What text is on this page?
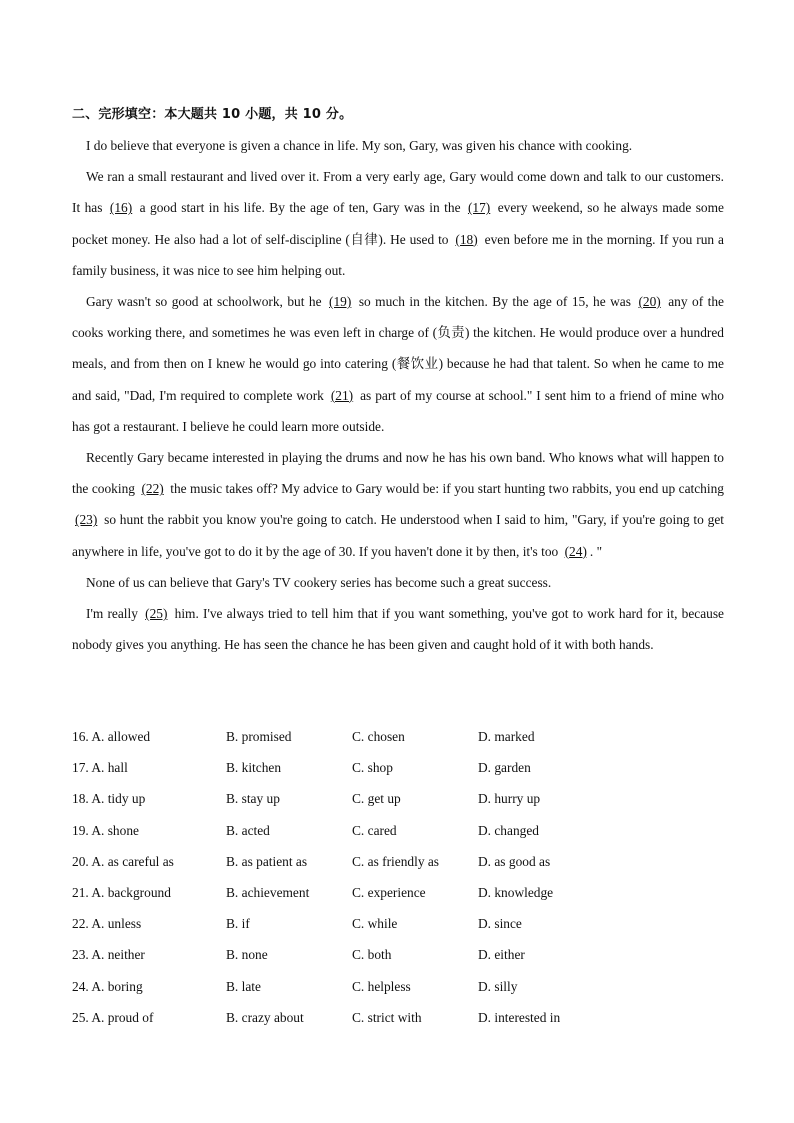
二、完形填空：本大题共 10 小题，共 10 分。

I do believe that everyone is given a chance in life. My son, Gary, was given his chance with cooking.

We ran a small restaurant and lived over it. From a very early age, Gary would come down and talk to our customers. It has (16) a good start in his life. By the age of ten, Gary was in the (17) every weekend, so he always made some pocket money. He also had a lot of self-discipline (自律). He used to (18) even before me in the morning. If you run a family business, it was nice to see him helping out.

Gary wasn't so good at schoolwork, but he (19) so much in the kitchen. By the age of 15, he was (20) any of the cooks working there, and sometimes he was even left in charge of (负责) the kitchen. He would produce over a hundred meals, and from then on I knew he would go into catering (餐饮业) because he had that talent. So when he came to me and said, "Dad, I'm required to complete work (21) as part of my course at school." I sent him to a friend of mine who has got a restaurant. I believe he could learn more outside.

Recently Gary became interested in playing the drums and now he has his own band. Who knows what will happen to the cooking (22) the music takes off? My advice to Gary would be: if you start hunting two rabbits, you end up catching (23) so hunt the rabbit you know you're going to catch. He understood when I said to him, "Gary, if you're going to get anywhere in life, you've got to do it by the age of 30. If you haven't done it by then, it's too (24) . "

None of us can believe that Gary's TV cookery series has become such a great success.

I'm really (25) him. I've always tried to tell him that if you want something, you've got to work hard for it, because nobody gives you anything. He has seen the chance he has been given and caught hold of it with both hands.

16. A. allowed	B. promised	C. chosen	D. marked
17. A. hall	B. kitchen	C. shop	D. garden
18. A. tidy up	B. stay up	C. get up	D. hurry up
19. A. shone	B. acted	C. cared	D. changed
20. A. as careful as	B. as patient as	C. as friendly as	D. as good as
21. A. background	B. achievement	C. experience	D. knowledge
22. A. unless	B. if	C. while	D. since
23. A. neither	B. none	C. both	D. either
24. A. boring	B. late	C. helpless	D. silly
25. A. proud of	B. crazy about	C. strict with	D. interested in
